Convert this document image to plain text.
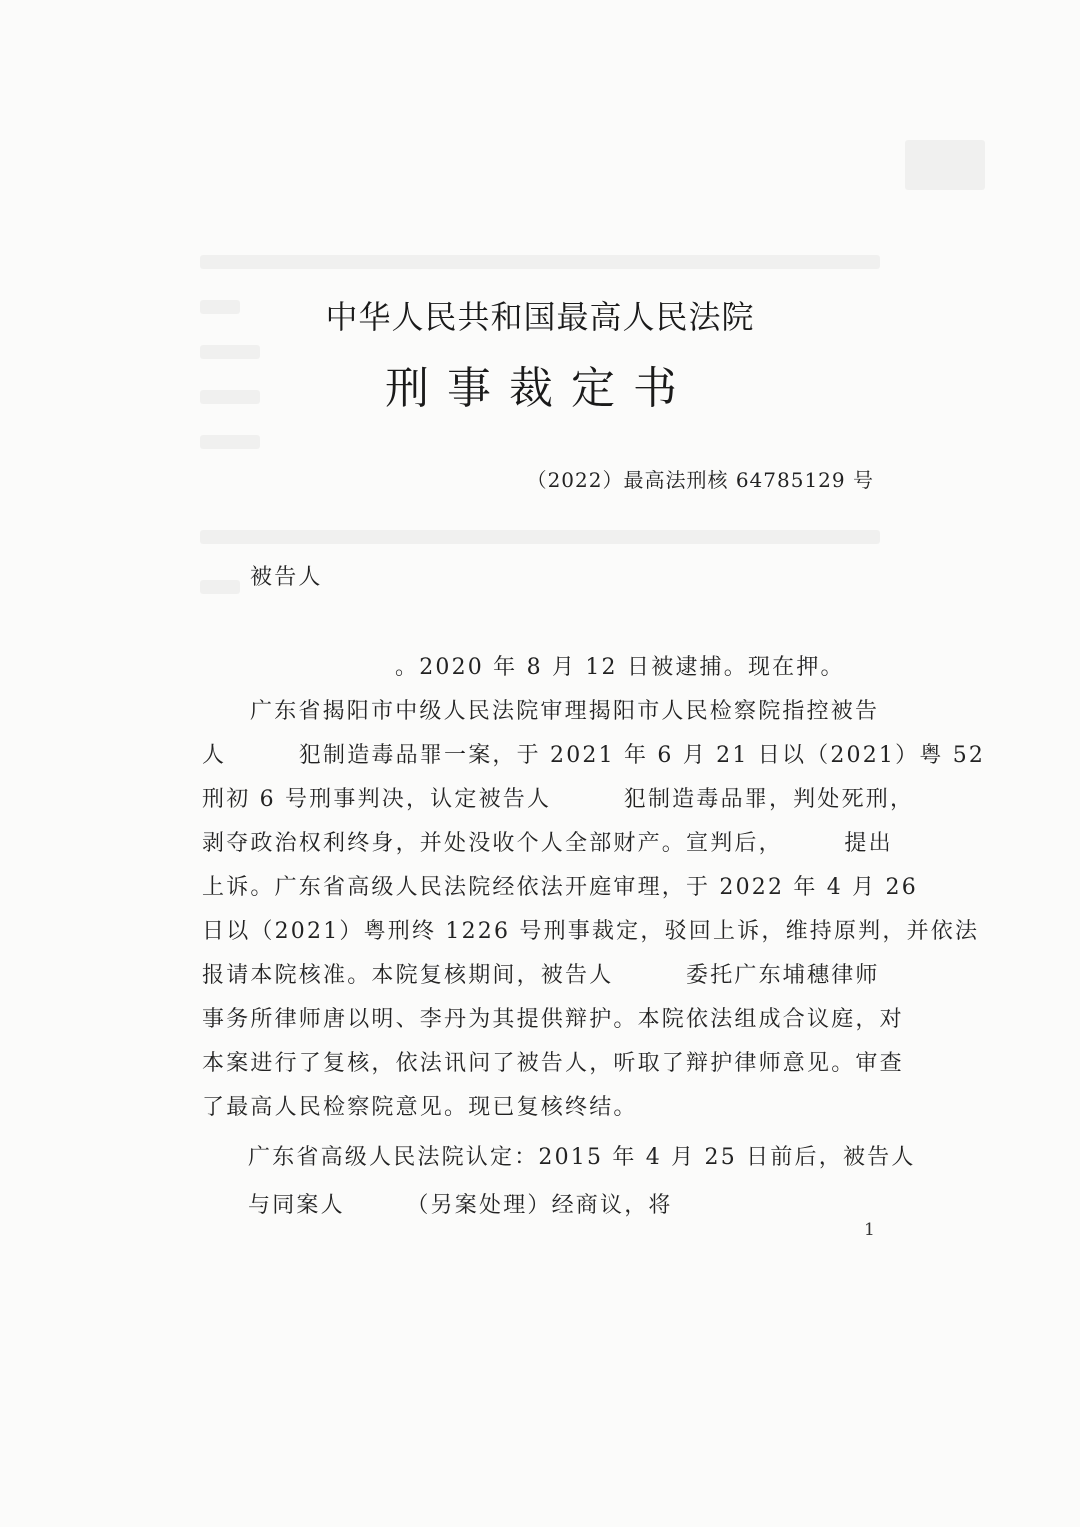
中华人民共和国最高人民法院
刑事裁定书
（2022）最高法刑核 64785129 号
被告人
。2020 年 8 月 12 日被逮捕。现在押。
广东省揭阳市中级人民法院审理揭阳市人民检察院指控被告
人　　　犯制造毒品罪一案，于 2021 年 6 月 21 日以（2021）粤 52
刑初 6 号刑事判决，认定被告人　　　犯制造毒品罪，判处死刑，
剥夺政治权利终身，并处没收个人全部财产。宣判后，　　　提出
上诉。广东省高级人民法院经依法开庭审理，于 2022 年 4 月 26
日以（2021）粤刑终 1226 号刑事裁定，驳回上诉，维持原判，并依法
报请本院核准。本院复核期间，被告人　　　委托广东埔穗律师
事务所律师唐以明、李丹为其提供辩护。本院依法组成合议庭，对
本案进行了复核，依法讯问了被告人，听取了辩护律师意见。审查
了最高人民检察院意见。现已复核终结。
广东省高级人民法院认定：2015 年 4 月 25 日前后，被告人
与同案人　　　（另案处理）经商议，将
1
